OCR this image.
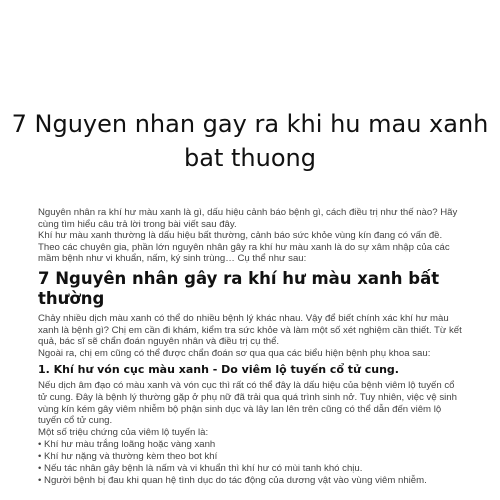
7 Nguyen nhan gay ra khi hu mau xanh bat thuong

Nguyên nhân ra khí hư màu xanh là gì, dấu hiệu cảnh báo bệnh gì, cách điều trị như thế nào? Hãy cùng tìm hiểu câu trả lời trong bài viết sau đây.

Khí hư màu xanh thường là dấu hiệu bất thường, cảnh báo sức khỏe vùng kín đang có vấn đề. Theo các chuyên gia, phần lớn nguyên nhân gây ra khí hư màu xanh là do sự xâm nhập của các mầm bệnh như vi khuẩn, nấm, ký sinh trùng… Cụ thể như sau:

7 Nguyên nhân gây ra khí hư màu xanh bất thường

Chảy nhiều dịch màu xanh có thể do nhiều bệnh lý khác nhau. Vậy để biết chính xác khí hư màu xanh là bệnh gì? Chị em cần đi khám, kiểm tra sức khỏe và làm một số xét nghiệm cần thiết. Từ kết quả, bác sĩ sẽ chẩn đoán nguyên nhân và điều trị cụ thể.

Ngoài ra, chị em cũng có thể được chẩn đoán sơ qua qua các biểu hiện bệnh phụ khoa sau:

1. Khí hư vón cục màu xanh - Do viêm lộ tuyến cổ tử cung.

Nếu dịch âm đạo có màu xanh và vón cục thì rất có thể đây là dấu hiệu của bệnh viêm lộ tuyến cổ tử cung. Đây là bệnh lý thường gặp ở phụ nữ đã trải qua quá trình sinh nở. Tuy nhiên, việc vệ sinh vùng kín kém gây viêm nhiễm bộ phận sinh dục và lây lan lên trên cũng có thể dẫn đến viêm lộ tuyến cổ tử cung.

Một số triệu chứng của viêm lộ tuyến là:

• Khí hư màu trắng loãng hoặc vàng xanh
• Khí hư nặng và thường kèm theo bot khí
• Nếu tác nhân gây bệnh là nấm và vi khuẩn thì khí hư có mùi tanh khó chịu.
• Người bệnh bị đau khi quan hệ tình dục do tác động của dương vật vào vùng viêm nhiễm.
